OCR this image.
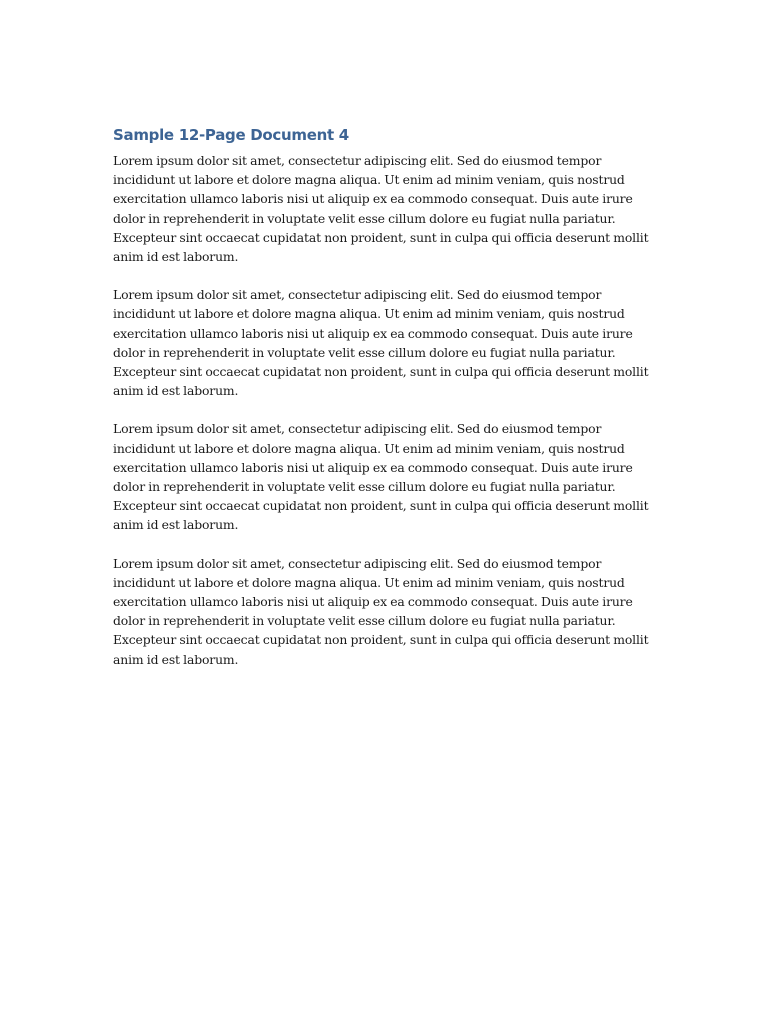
Sample 12-Page Document 4

Lorem ipsum dolor sit amet, consectetur adipiscing elit. Sed do eiusmod tempor incididunt ut labore et dolore magna aliqua. Ut enim ad minim veniam, quis nostrud exercitation ullamco laboris nisi ut aliquip ex ea commodo consequat. Duis aute irure dolor in reprehenderit in voluptate velit esse cillum dolore eu fugiat nulla pariatur. Excepteur sint occaecat cupidatat non proident, sunt in culpa qui officia deserunt mollit anim id est laborum.

Lorem ipsum dolor sit amet, consectetur adipiscing elit. Sed do eiusmod tempor incididunt ut labore et dolore magna aliqua. Ut enim ad minim veniam, quis nostrud exercitation ullamco laboris nisi ut aliquip ex ea commodo consequat. Duis aute irure dolor in reprehenderit in voluptate velit esse cillum dolore eu fugiat nulla pariatur. Excepteur sint occaecat cupidatat non proident, sunt in culpa qui officia deserunt mollit anim id est laborum.

Lorem ipsum dolor sit amet, consectetur adipiscing elit. Sed do eiusmod tempor incididunt ut labore et dolore magna aliqua. Ut enim ad minim veniam, quis nostrud exercitation ullamco laboris nisi ut aliquip ex ea commodo consequat. Duis aute irure dolor in reprehenderit in voluptate velit esse cillum dolore eu fugiat nulla pariatur. Excepteur sint occaecat cupidatat non proident, sunt in culpa qui officia deserunt mollit anim id est laborum.

Lorem ipsum dolor sit amet, consectetur adipiscing elit. Sed do eiusmod tempor incididunt ut labore et dolore magna aliqua. Ut enim ad minim veniam, quis nostrud exercitation ullamco laboris nisi ut aliquip ex ea commodo consequat. Duis aute irure dolor in reprehenderit in voluptate velit esse cillum dolore eu fugiat nulla pariatur. Excepteur sint occaecat cupidatat non proident, sunt in culpa qui officia deserunt mollit anim id est laborum.
